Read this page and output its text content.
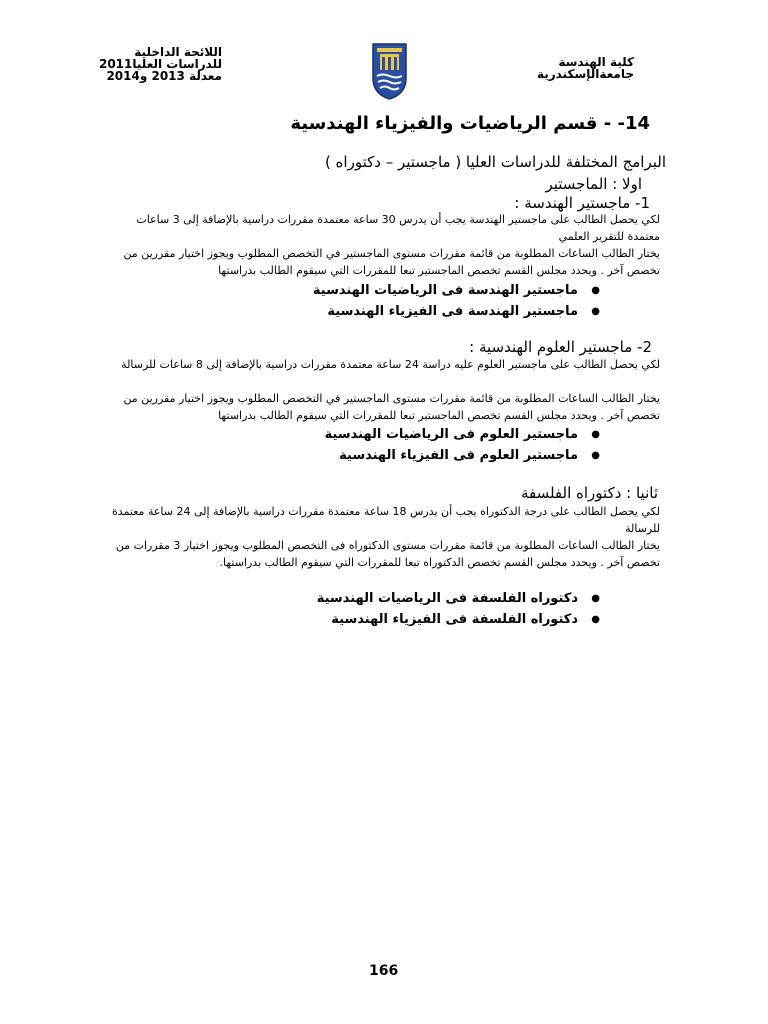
اللائحة الداخلية
للدراسات العليا2011
معدلة 2013 و2014
كلية الهندسة
جامعةالإسكندرية
14- - قسم الرياضيات والفيزياء الهندسية
البرامج المختلفة للدراسات العليا ( ماجستير – دكتوراه )
اولا : الماجستير
1- ماجستير الهندسة :
لكي يحصل الطالب على ماجستير الهندسة يجب أن يدرس 30 ساعة معتمدة مقررات دراسية بالإضافة إلى 3 ساعات معتمدة للتقرير العلمي
يختار الطالب الساعات المطلوبة من قائمة مقررات مستوى الماجستير في التخصص المطلوب ويجوز اختيار مقررين من تخصص آخر . ويحدد مجلس القسم تخصص الماجستير تبعا للمقررات التي سيقوم الطالب بدراستها
● ماجستير الهندسة فى الرياضيات الهندسية
● ماجستير الهندسة فى الفيزياء الهندسية
2- ماجستير العلوم الهندسية :
لكي يحصل الطالب على ماجستير العلوم عليه دراسة 24 ساعة معتمدة مقررات دراسية بالإضافة إلى 8 ساعات للرسالة
يختار الطالب الساعات المطلوبة من قائمة مقررات مستوى الماجستير في التخصص المطلوب ويجوز اختيار مقررين من تخصص آخر . ويحدد مجلس القسم تخصص الماجستير تبعا للمقررات التي سيقوم الطالب بدراستها
● ماجستير العلوم فى الرياضيات الهندسية
● ماجستير العلوم فى الفيزياء الهندسية
ثانيا : دكتوراه الفلسفة
لكي يحصل الطالب على درجة الدكتوراه يجب أن يدرس 18 ساعة معتمدة مقررات دراسية بالإضافة إلى 24 ساعة معتمدة للرسالة
يختار الطالب الساعات المطلوبة من قائمة مقررات مستوى الدكتوراه فى التخصص المطلوب ويجوز اختيار 3 مقررات من تخصص آخر . ويحدد مجلس القسم تخصص الدكتوراه تبعا للمقررات التي سيقوم الطالب بدراستها.
● دكتوراه الفلسفة فى الرياضيات الهندسية
● دكتوراه الفلسفة فى الفيزياء الهندسية
166
